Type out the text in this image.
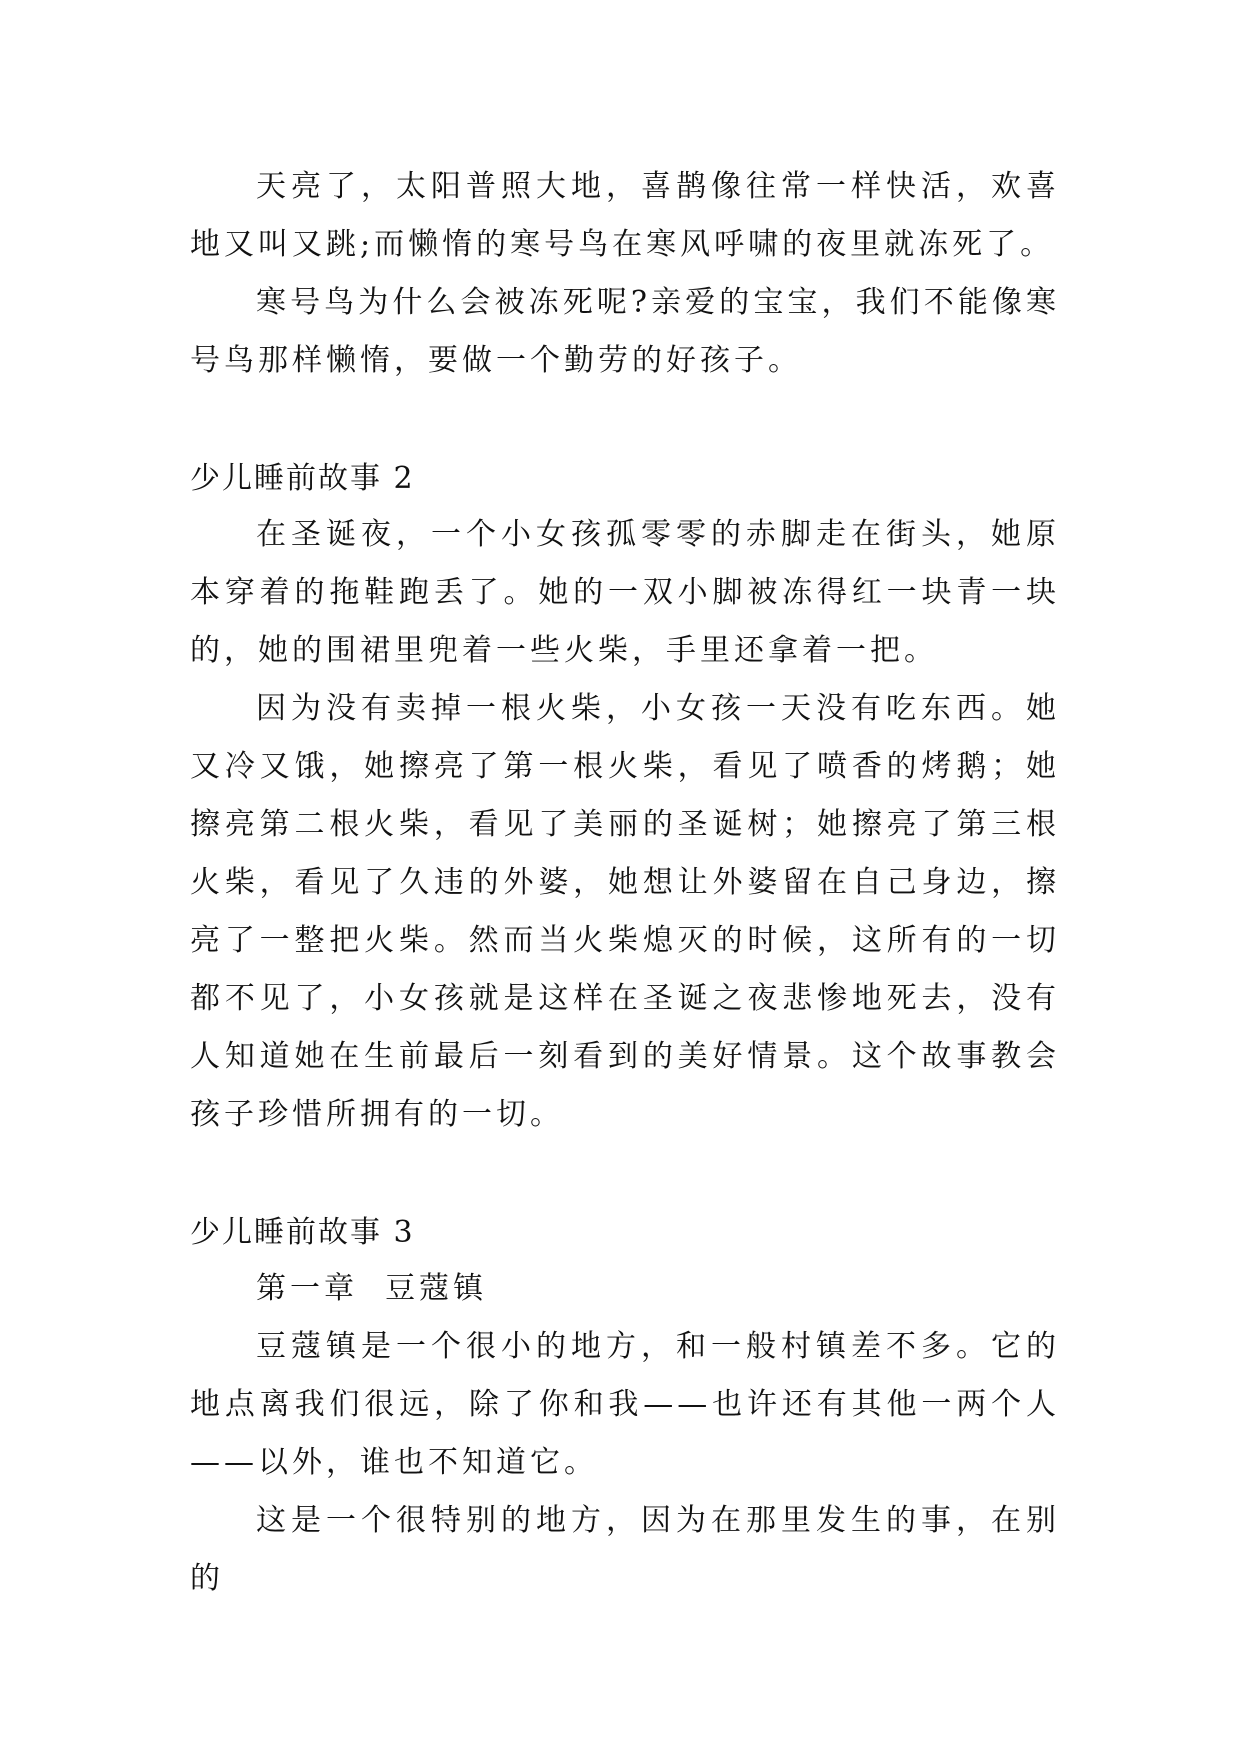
天亮了，太阳普照大地，喜鹊像往常一样快活，欢喜地又叫又跳;而懒惰的寒号鸟在寒风呼啸的夜里就冻死了。

寒号鸟为什么会被冻死呢?亲爱的宝宝，我们不能像寒号鸟那样懒惰，要做一个勤劳的好孩子。

少儿睡前故事 2

在圣诞夜，一个小女孩孤零零的赤脚走在街头，她原本穿着的拖鞋跑丢了。她的一双小脚被冻得红一块青一块的，她的围裙里兜着一些火柴，手里还拿着一把。

因为没有卖掉一根火柴，小女孩一天没有吃东西。她又冷又饿，她擦亮了第一根火柴，看见了喷香的烤鹅；她擦亮第二根火柴，看见了美丽的圣诞树；她擦亮了第三根火柴，看见了久违的外婆，她想让外婆留在自己身边，擦亮了一整把火柴。然而当火柴熄灭的时候，这所有的一切都不见了，小女孩就是这样在圣诞之夜悲惨地死去，没有人知道她在生前最后一刻看到的美好情景。这个故事教会孩子珍惜所拥有的一切。

少儿睡前故事 3

第一章  豆蔻镇

豆蔻镇是一个很小的地方，和一般村镇差不多。它的地点离我们很远，除了你和我——也许还有其他一两个人——以外，谁也不知道它。

这是一个很特别的地方，因为在那里发生的事，在别的
